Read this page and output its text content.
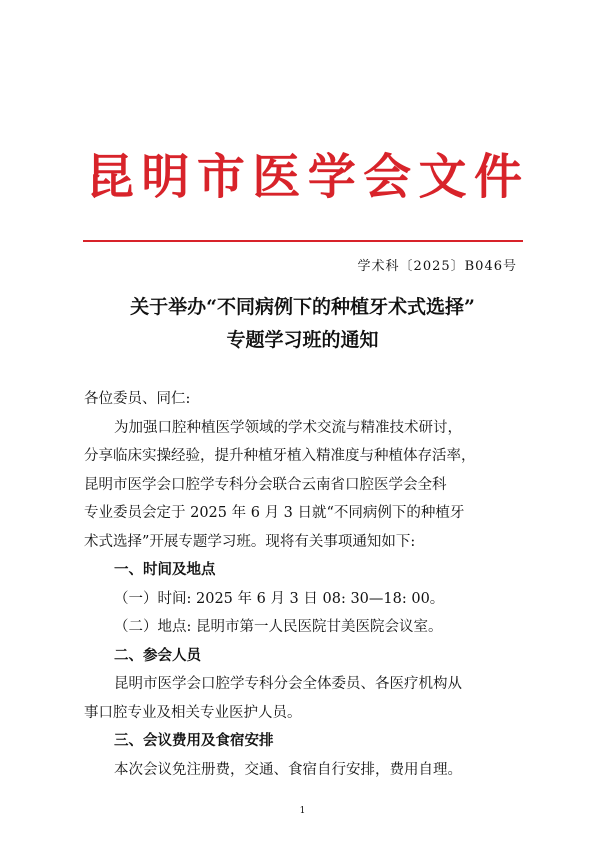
昆 明 市 医 学 会 文 件
学术科〔2025〕B046号
关于举办“不同病例下的种植牙术式选择”
专题学习班的通知

各位委员、同仁:

为加强口腔种植医学领域的学术交流与精准技术研讨，

分享临床实操经验，提升种植牙植入精准度与种植体存活率，

昆明市医学会口腔学专科分会联合云南省口腔医学会全科

专业委员会定于 2025 年 6 月 3 日就“不同病例下的种植牙

术式选择”开展专题学习班。现将有关事项通知如下:

一、时间及地点

（一）时间: 2025 年 6 月 3 日 08: 30—18: 00。

（二）地点: 昆明市第一人民医院甘美医院会议室。

二、参会人员

昆明市医学会口腔学专科分会全体委员、各医疗机构从

事口腔专业及相关专业医护人员。

三、会议费用及食宿安排

本次会议免注册费，交通、食宿自行安排，费用自理。

1
